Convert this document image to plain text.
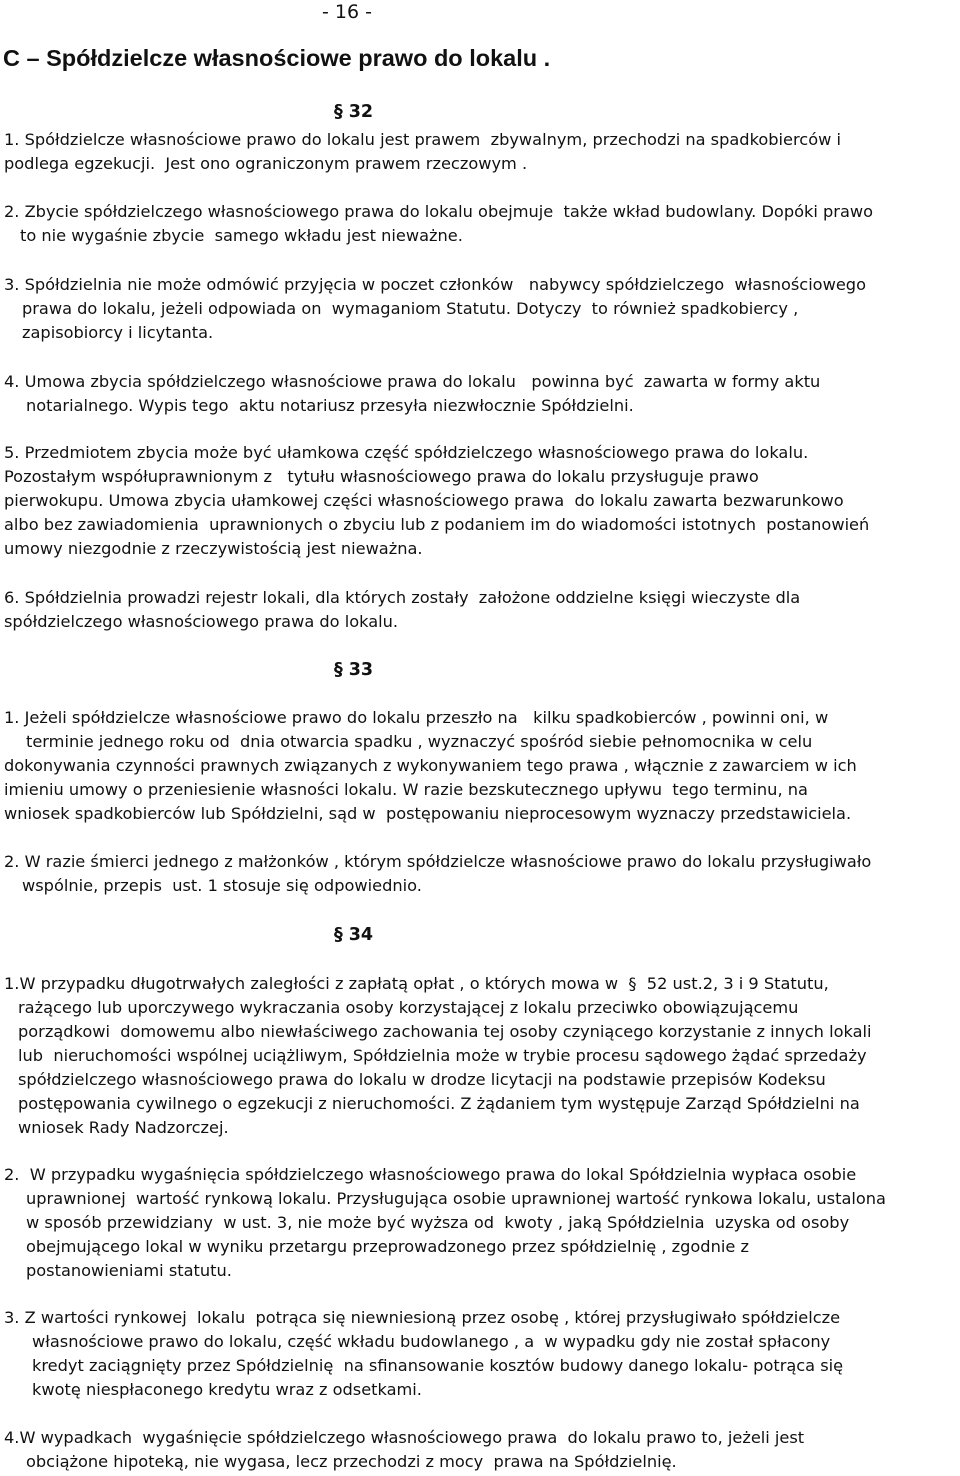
- 16 -
C – Spółdzielcze własnościowe prawo do lokalu .
§ 32
1. Spółdzielcze własnościowe prawo do lokalu jest prawem  zbywalnym, przechodzi na spadkobierców i
podlega egzekucji.  Jest ono ograniczonym prawem rzeczowym .
2. Zbycie spółdzielczego własnościowego prawa do lokalu obejmuje  także wkład budowlany. Dopóki prawo
to nie wygaśnie zbycie  samego wkładu jest nieważne.
3. Spółdzielnia nie może odmówić przyjęcia w poczet członków   nabywcy spółdzielczego  własnościowego
prawa do lokalu, jeżeli odpowiada on  wymaganiom Statutu. Dotyczy  to również spadkobiercy ,
zapisobiorcy i licytanta.
4. Umowa zbycia spółdzielczego własnościowe prawa do lokalu   powinna być  zawarta w formy aktu
notarialnego. Wypis tego  aktu notariusz przesyła niezwłocznie Spółdzielni.
5. Przedmiotem zbycia może być ułamkowa część spółdzielczego własnościowego prawa do lokalu.
Pozostałym współuprawnionym z   tytułu własnościowego prawa do lokalu przysługuje prawo
pierwokupu. Umowa zbycia ułamkowej części własnościowego prawa  do lokalu zawarta bezwarunkowo
albo bez zawiadomienia  uprawnionych o zbyciu lub z podaniem im do wiadomości istotnych  postanowień
umowy niezgodnie z rzeczywistością jest nieważna.
6. Spółdzielnia prowadzi rejestr lokali, dla których zostały  założone oddzielne księgi wieczyste dla
spółdzielczego własnościowego prawa do lokalu.
§ 33
1. Jeżeli spółdzielcze własnościowe prawo do lokalu przeszło na   kilku spadkobierców , powinni oni, w
terminie jednego roku od  dnia otwarcia spadku , wyznaczyć spośród siebie pełnomocnika w celu
dokonywania czynności prawnych związanych z wykonywaniem tego prawa , włącznie z zawarciem w ich
imieniu umowy o przeniesienie własności lokalu. W razie bezskutecznego upływu  tego terminu, na
wniosek spadkobierców lub Spółdzielni, sąd w  postępowaniu nieprocesowym wyznaczy przedstawiciela.
2. W razie śmierci jednego z małżonków , którym spółdzielcze własnościowe prawo do lokalu przysługiwało
wspólnie, przepis  ust. 1 stosuje się odpowiednio.
§ 34
1.W przypadku długotrwałych zaległości z zapłatą opłat , o których mowa w  §  52 ust.2, 3 i 9 Statutu,
rażącego lub uporczywego wykraczania osoby korzystającej z lokalu przeciwko obowiązującemu
porządkowi  domowemu albo niewłaściwego zachowania tej osoby czyniącego korzystanie z innych lokali
lub  nieruchomości wspólnej uciążliwym, Spółdzielnia może w trybie procesu sądowego żądać sprzedaży
spółdzielczego własnościowego prawa do lokalu w drodze licytacji na podstawie przepisów Kodeksu
postępowania cywilnego o egzekucji z nieruchomości. Z żądaniem tym występuje Zarząd Spółdzielni na
wniosek Rady Nadzorczej.
2.  W przypadku wygaśnięcia spółdzielczego własnościowego prawa do lokal Spółdzielnia wypłaca osobie
uprawnionej  wartość rynkową lokalu. Przysługująca osobie uprawnionej wartość rynkowa lokalu, ustalona
w sposób przewidziany  w ust. 3, nie może być wyższa od  kwoty , jaką Spółdzielnia  uzyska od osoby
obejmującego lokal w wyniku przetargu przeprowadzonego przez spółdzielnię , zgodnie z
postanowieniami statutu.
3. Z wartości rynkowej  lokalu  potrąca się niewniesioną przez osobę , której przysługiwało spółdzielcze
własnościowe prawo do lokalu, część wkładu budowlanego , a  w wypadku gdy nie został spłacony
kredyt zaciągnięty przez Spółdzielnię  na sfinansowanie kosztów budowy danego lokalu- potrąca się
kwotę niespłaconego kredytu wraz z odsetkami.
4.W wypadkach  wygaśnięcie spółdzielczego własnościowego prawa  do lokalu prawo to, jeżeli jest
obciążone hipoteką, nie wygasa, lecz przechodzi z mocy  prawa na Spółdzielnię.
